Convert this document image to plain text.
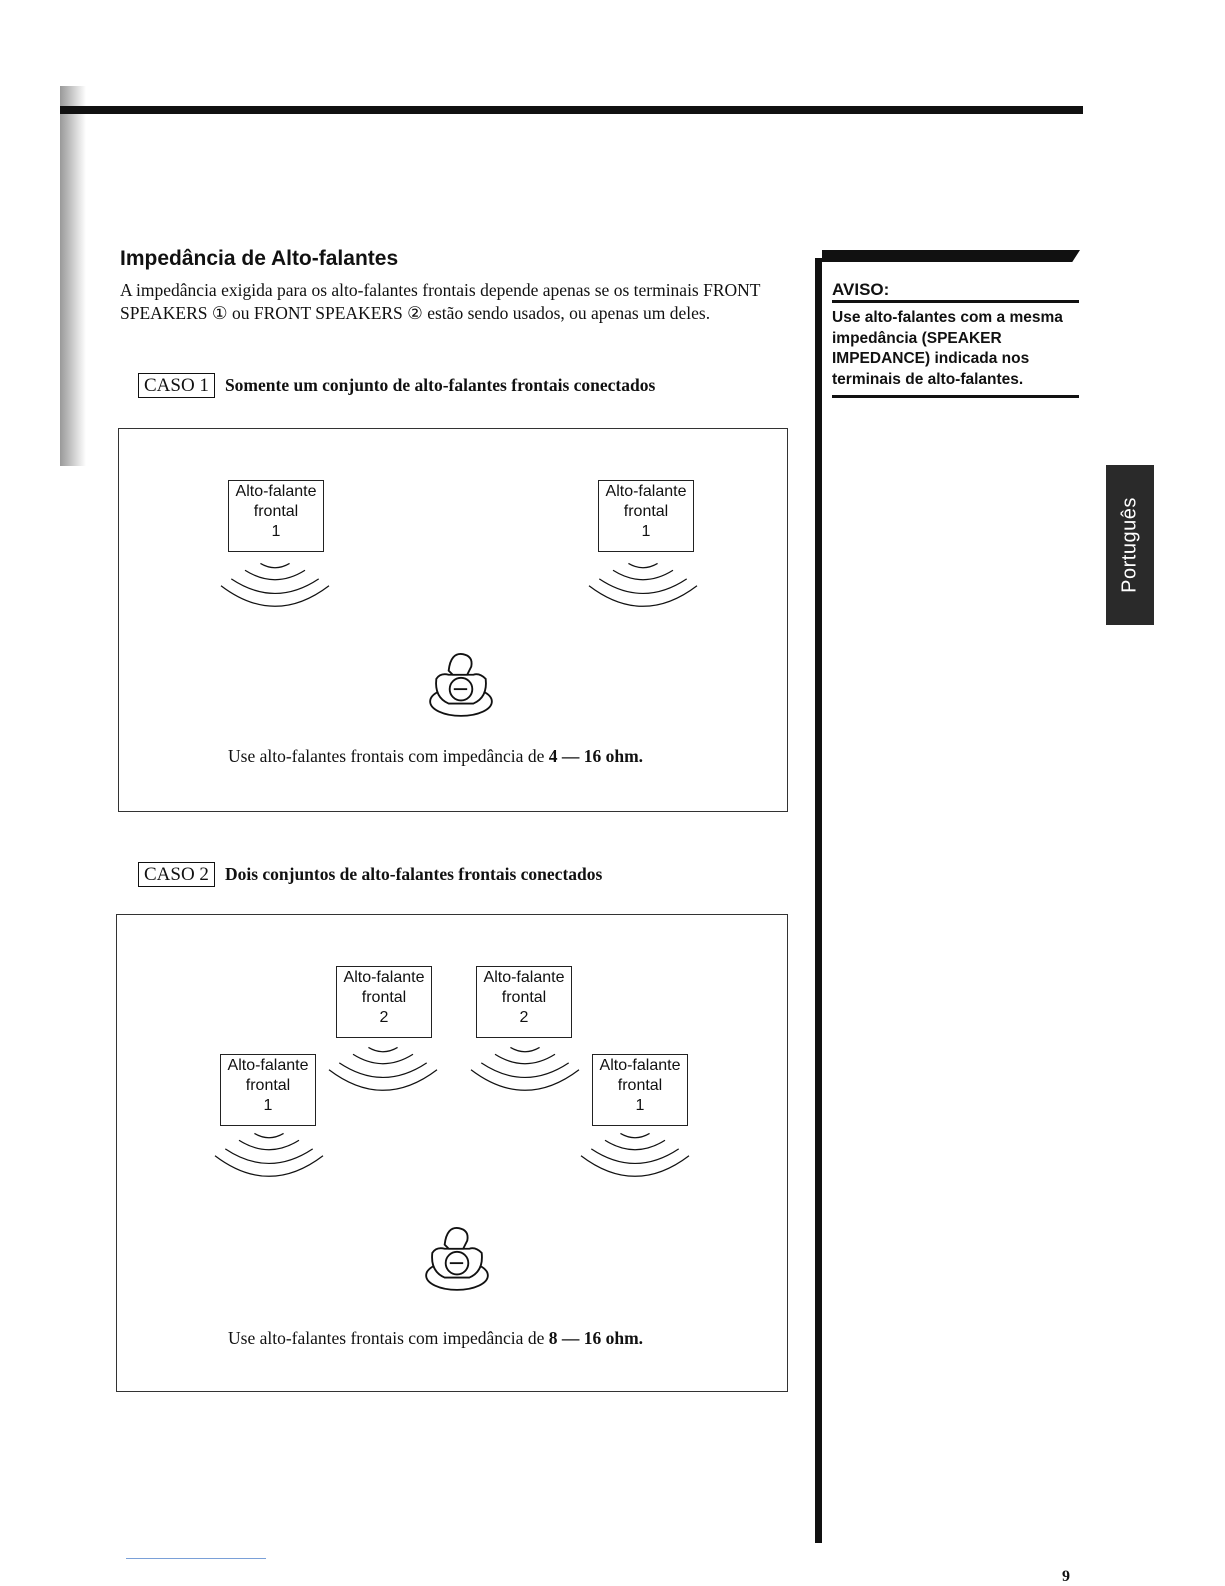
Impedância de Alto-falantes
A impedância exigida para os alto-falantes frontais depende apenas se os terminais FRONT SPEAKERS ① ou FRONT SPEAKERS ② estão sendo usados, ou apenas um deles.
AVISO:
Use alto-falantes com a mesma impedância (SPEAKER IMPEDANCE) indicada nos terminais de alto-falantes.
Português
CASO 1 Somente um conjunto de alto-falantes frontais conectados
Alto-falante
frontal
1
Alto-falante
frontal
1
Use alto-falantes frontais com impedância de 4 — 16 ohm.
CASO 2 Dois conjuntos de alto-falantes frontais conectados
Alto-falante
frontal
2
Alto-falante
frontal
2
Alto-falante
frontal
1
Alto-falante
frontal
1
Use alto-falantes frontais com impedância de 8 — 16 ohm.
9
